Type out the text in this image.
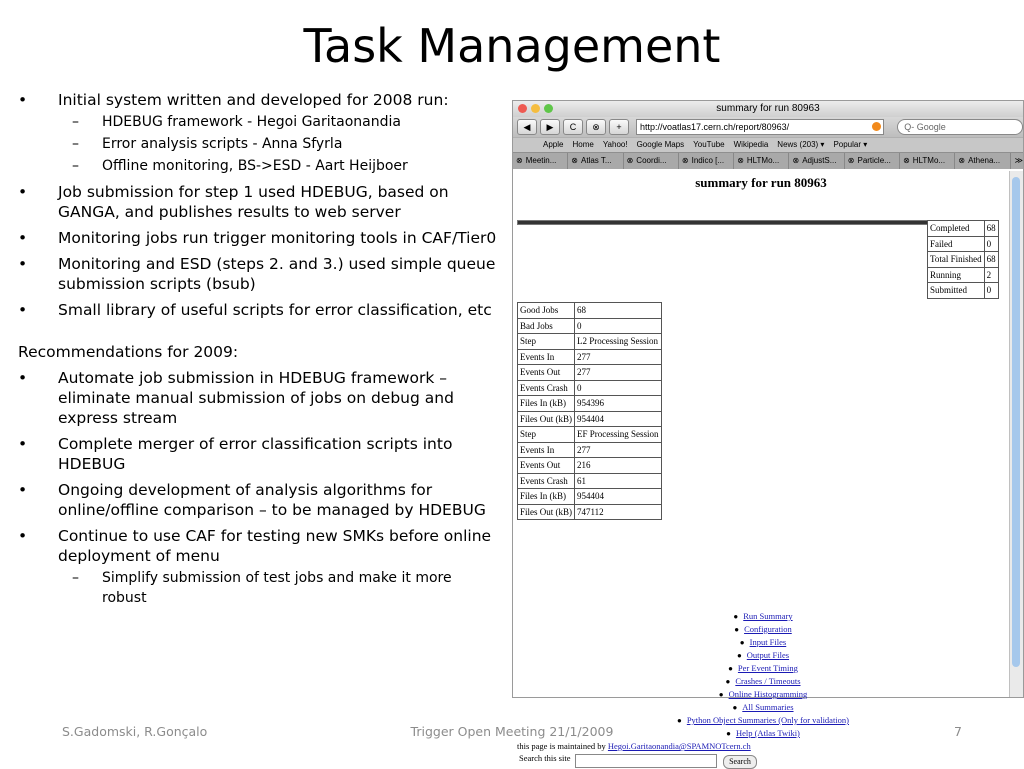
Task Management
• Initial system written and developed for 2008 run:
– HDEBUG framework - Hegoi Garitaonandia
– Error analysis scripts - Anna Sfyrla
– Offline monitoring, BS->ESD - Aart Heijboer
• Job submission for step 1 used HDEBUG, based on GANGA, and publishes results to web server
• Monitoring jobs run trigger monitoring tools in CAF/Tier0
• Monitoring and ESD (steps 2. and 3.) used simple queue submission scripts (bsub)
• Small library of useful scripts for error classification, etc
Recommendations for 2009:
• Automate job submission in HDEBUG framework – eliminate manual submission of jobs on debug and express stream
• Complete merger of error classification scripts into HDEBUG
• Ongoing development of analysis algorithms for online/offline comparison – to be managed by HDEBUG
• Continue to use CAF for testing new SMKs before online deployment of menu
– Simplify submission of test jobs and make it more robust
summary for run 80963
◀	▶	C	⊗	+	http://voatlas17.cern.ch/report/80963/	Q- Google
Apple Home Yahoo! Google Maps YouTube Wikipedia News (203) ▾ Popular ▾
⊗ Meetin...	⊗ Atlas T...	⊗ Coordi...	⊗ Indico [...	⊗ HLTMo...	⊗ AdjustS...	⊗ Particle...	⊗ HLTMo...	⊗ Athena...	≫
summary for run 80963
Completed	68
Failed	0
Total Finished	68
Running	2
Submitted	0
Good Jobs	68
Bad Jobs	0
Step	L2 Processing Session
Events In	277
Events Out	277
Events Crash	0
Files In (kB)	954396
Files Out (kB)	954404
Step	EF Processing Session
Events In	277
Events Out	216
Events Crash	61
Files In (kB)	954404
Files Out (kB)	747112
● Run Summary
● Configuration
● Input Files
● Output Files
● Per Event Timing
● Crashes / Timeouts
● Online Histogramming
● All Summaries
● Python Object Summaries (Only for validation)
● Help (Atlas Twiki)
this page is maintained by Hegoi.Garitaonandia@SPAMNOTcern.ch
Search this site	Search
S.Gadomski, R.Gonçalo	Trigger Open Meeting 21/1/2009	7
